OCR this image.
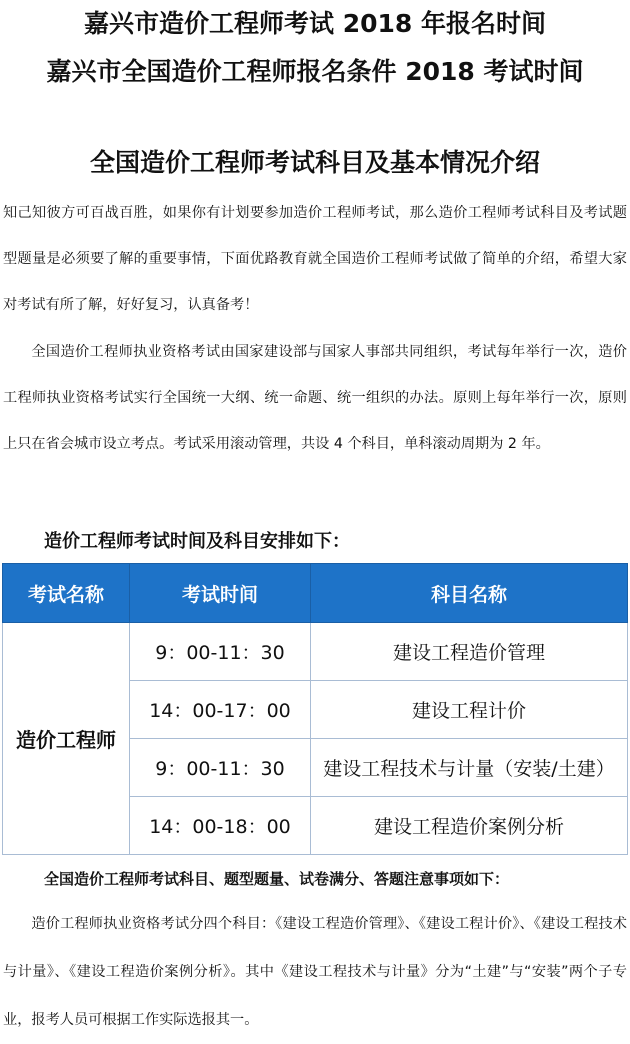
嘉兴市造价工程师考试 2018 年报名时间
嘉兴市全国造价工程师报名条件 2018 考试时间
全国造价工程师考试科目及基本情况介绍
知己知彼方可百战百胜，如果你有计划要参加造价工程师考试，那么造价工程师考试科目及考试题型题量是必须要了解的重要事情，下面优路教育就全国造价工程师考试做了简单的介绍，希望大家对考试有所了解，好好复习，认真备考！
全国造价工程师执业资格考试由国家建设部与国家人事部共同组织，考试每年举行一次，造价工程师执业资格考试实行全国统一大纲、统一命题、统一组织的办法。原则上每年举行一次，原则上只在省会城市设立考点。考试采用滚动管理，共设 4 个科目，单科滚动周期为 2 年。
造价工程师考试时间及科目安排如下：
考试名称	考试时间	科目名称
造价工程师	9：00-11：30	建设工程造价管理
	14：00-17：00	建设工程计价
	9：00-11：30	建设工程技术与计量（安装/土建）
	14：00-18：00	建设工程造价案例分析
全国造价工程师考试科目、题型题量、试卷满分、答题注意事项如下：
造价工程师执业资格考试分四个科目：《建设工程造价管理》、《建设工程计价》、《建设工程技术与计量》、《建设工程造价案例分析》。其中《建设工程技术与计量》分为“土建”与“安装”两个子专业，报考人员可根据工作实际选报其一。
